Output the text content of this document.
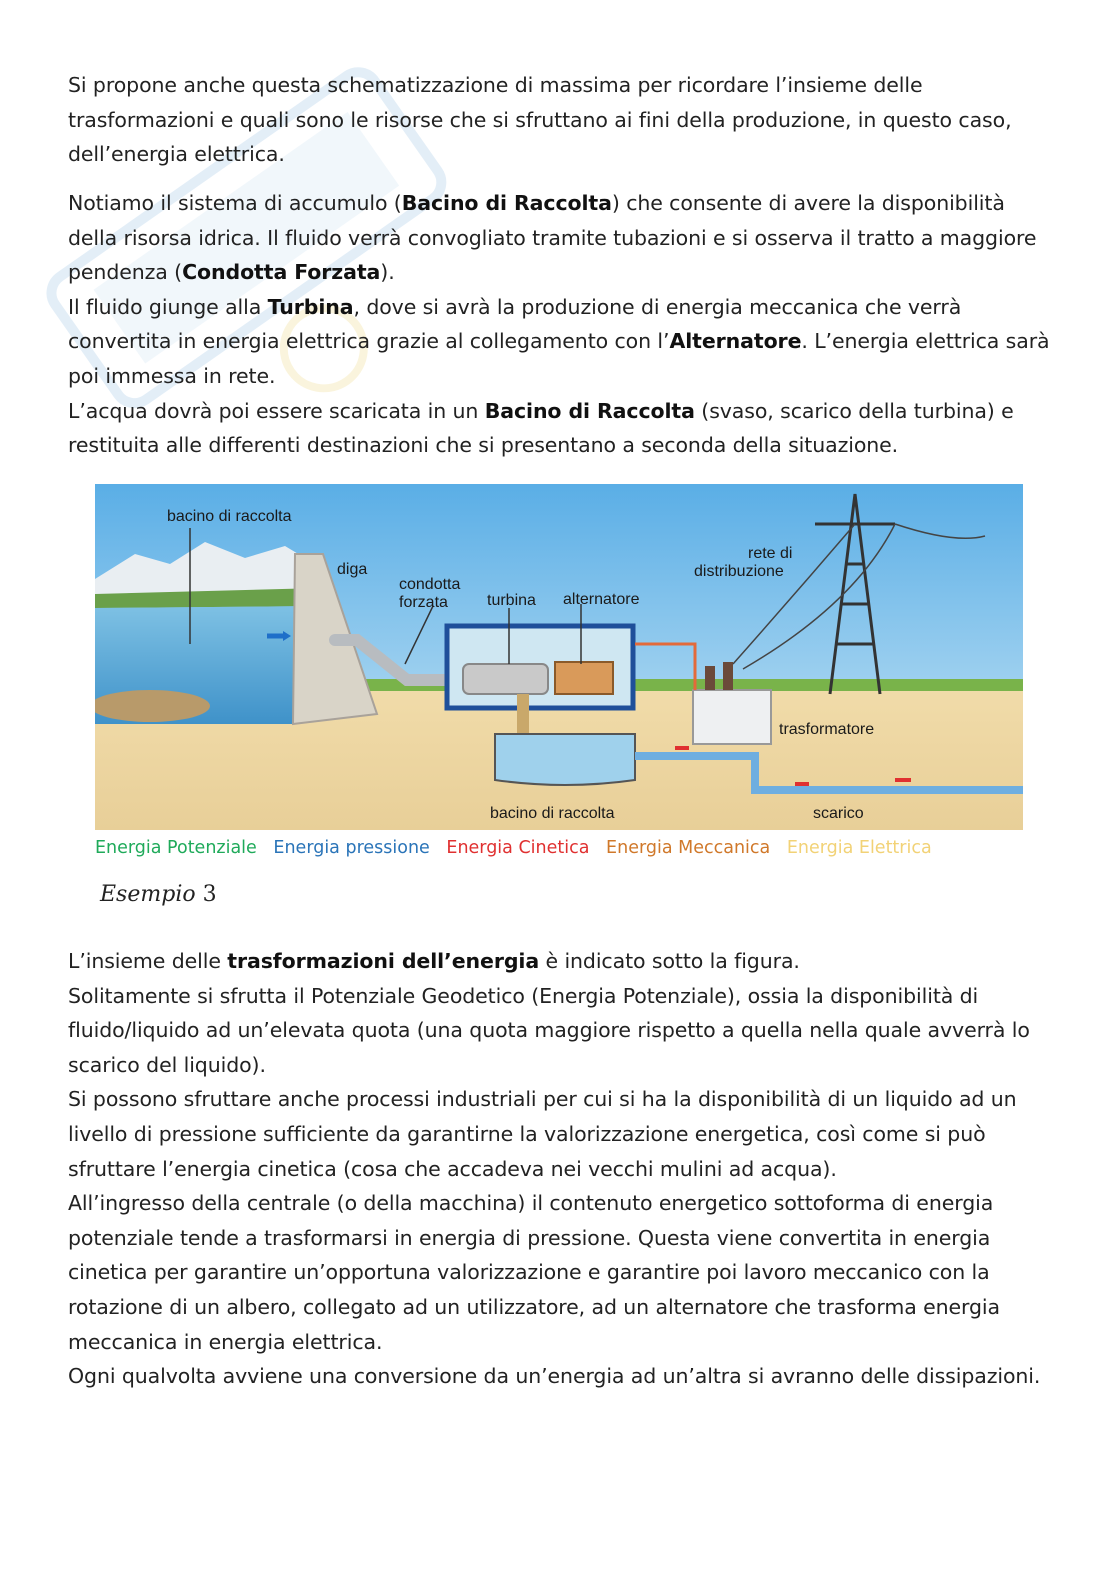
Si propone anche questa schematizzazione di massima per ricordare l’insieme delle trasformazioni e quali sono le risorse che si sfruttano ai fini della produzione, in questo caso, dell’energia elettrica.

Notiamo il sistema di accumulo (Bacino di Raccolta) che consente di avere la disponibilità della risorsa idrica. Il fluido verrà convogliato tramite tubazioni e si osserva il tratto a maggiore pendenza (Condotta Forzata).
Il fluido giunge alla Turbina, dove si avrà la produzione di energia meccanica che verrà convertita in energia elettrica grazie al collegamento con l’Alternatore. L’energia elettrica sarà poi immessa in rete.
L’acqua dovrà poi essere scaricata in un Bacino di Raccolta (svaso, scarico della turbina) e restituita alle differenti destinazioni che si presentano a seconda della situazione.

bacino di raccolta
diga
condotta
forzata turbina alternatore
rete di
distribuzione
trasformatore
bacino di raccolta	scarico
Energia Potenziale Energia pressione Energia Cinetica Energia Meccanica Energia Elettrica
Esempio 3

L’insieme delle trasformazioni dell’energia è indicato sotto la figura.
Solitamente si sfrutta il Potenziale Geodetico (Energia Potenziale), ossia la disponibilità di fluido/liquido ad un’elevata quota (una quota maggiore rispetto a quella nella quale avverrà lo scarico del liquido).
Si possono sfruttare anche processi industriali per cui si ha la disponibilità di un liquido ad un livello di pressione sufficiente da garantirne la valorizzazione energetica, così come si può sfruttare l’energia cinetica (cosa che accadeva nei vecchi mulini ad acqua).
All’ingresso della centrale (o della macchina) il contenuto energetico sottoforma di energia potenziale tende a trasformarsi in energia di pressione. Questa viene convertita in energia cinetica per garantire un’opportuna valorizzazione e garantire poi lavoro meccanico con la rotazione di un albero, collegato ad un utilizzatore, ad un alternatore che trasforma energia meccanica in energia elettrica.
Ogni qualvolta avviene una conversione da un’energia ad un’altra si avranno delle dissipazioni.
